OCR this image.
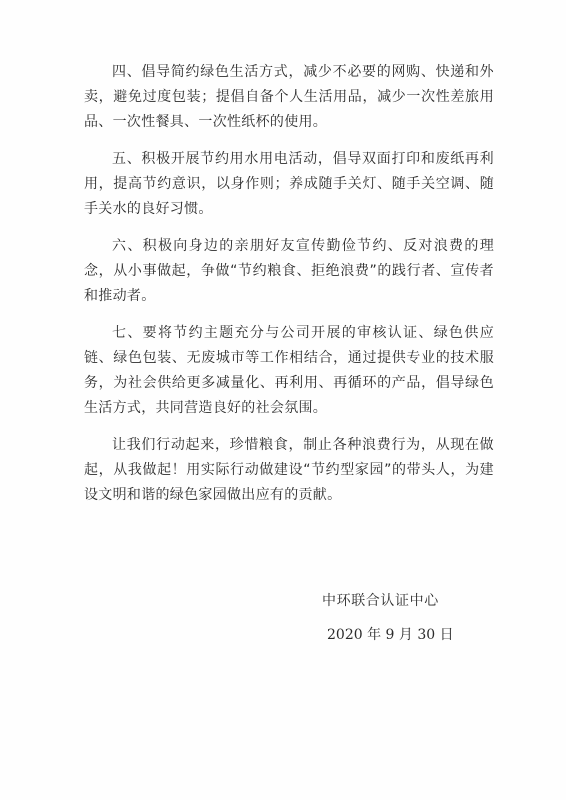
四、倡导简约绿色生活方式，减少不必要的网购、快递和外卖，避免过度包装；提倡自备个人生活用品，减少一次性差旅用品、一次性餐具、一次性纸杯的使用。

五、积极开展节约用水用电活动，倡导双面打印和废纸再利用，提高节约意识，以身作则；养成随手关灯、随手关空调、随手关水的良好习惯。

六、积极向身边的亲朋好友宣传勤俭节约、反对浪费的理念，从小事做起，争做“节约粮食、拒绝浪费”的践行者、宣传者和推动者。

七、要将节约主题充分与公司开展的审核认证、绿色供应链、绿色包装、无废城市等工作相结合，通过提供专业的技术服务，为社会供给更多减量化、再利用、再循环的产品，倡导绿色生活方式，共同营造良好的社会氛围。

让我们行动起来，珍惜粮食，制止各种浪费行为，从现在做起，从我做起！用实际行动做建设“节约型家园”的带头人，为建设文明和谐的绿色家园做出应有的贡献。

中环联合认证中心
2020 年 9 月 30 日
